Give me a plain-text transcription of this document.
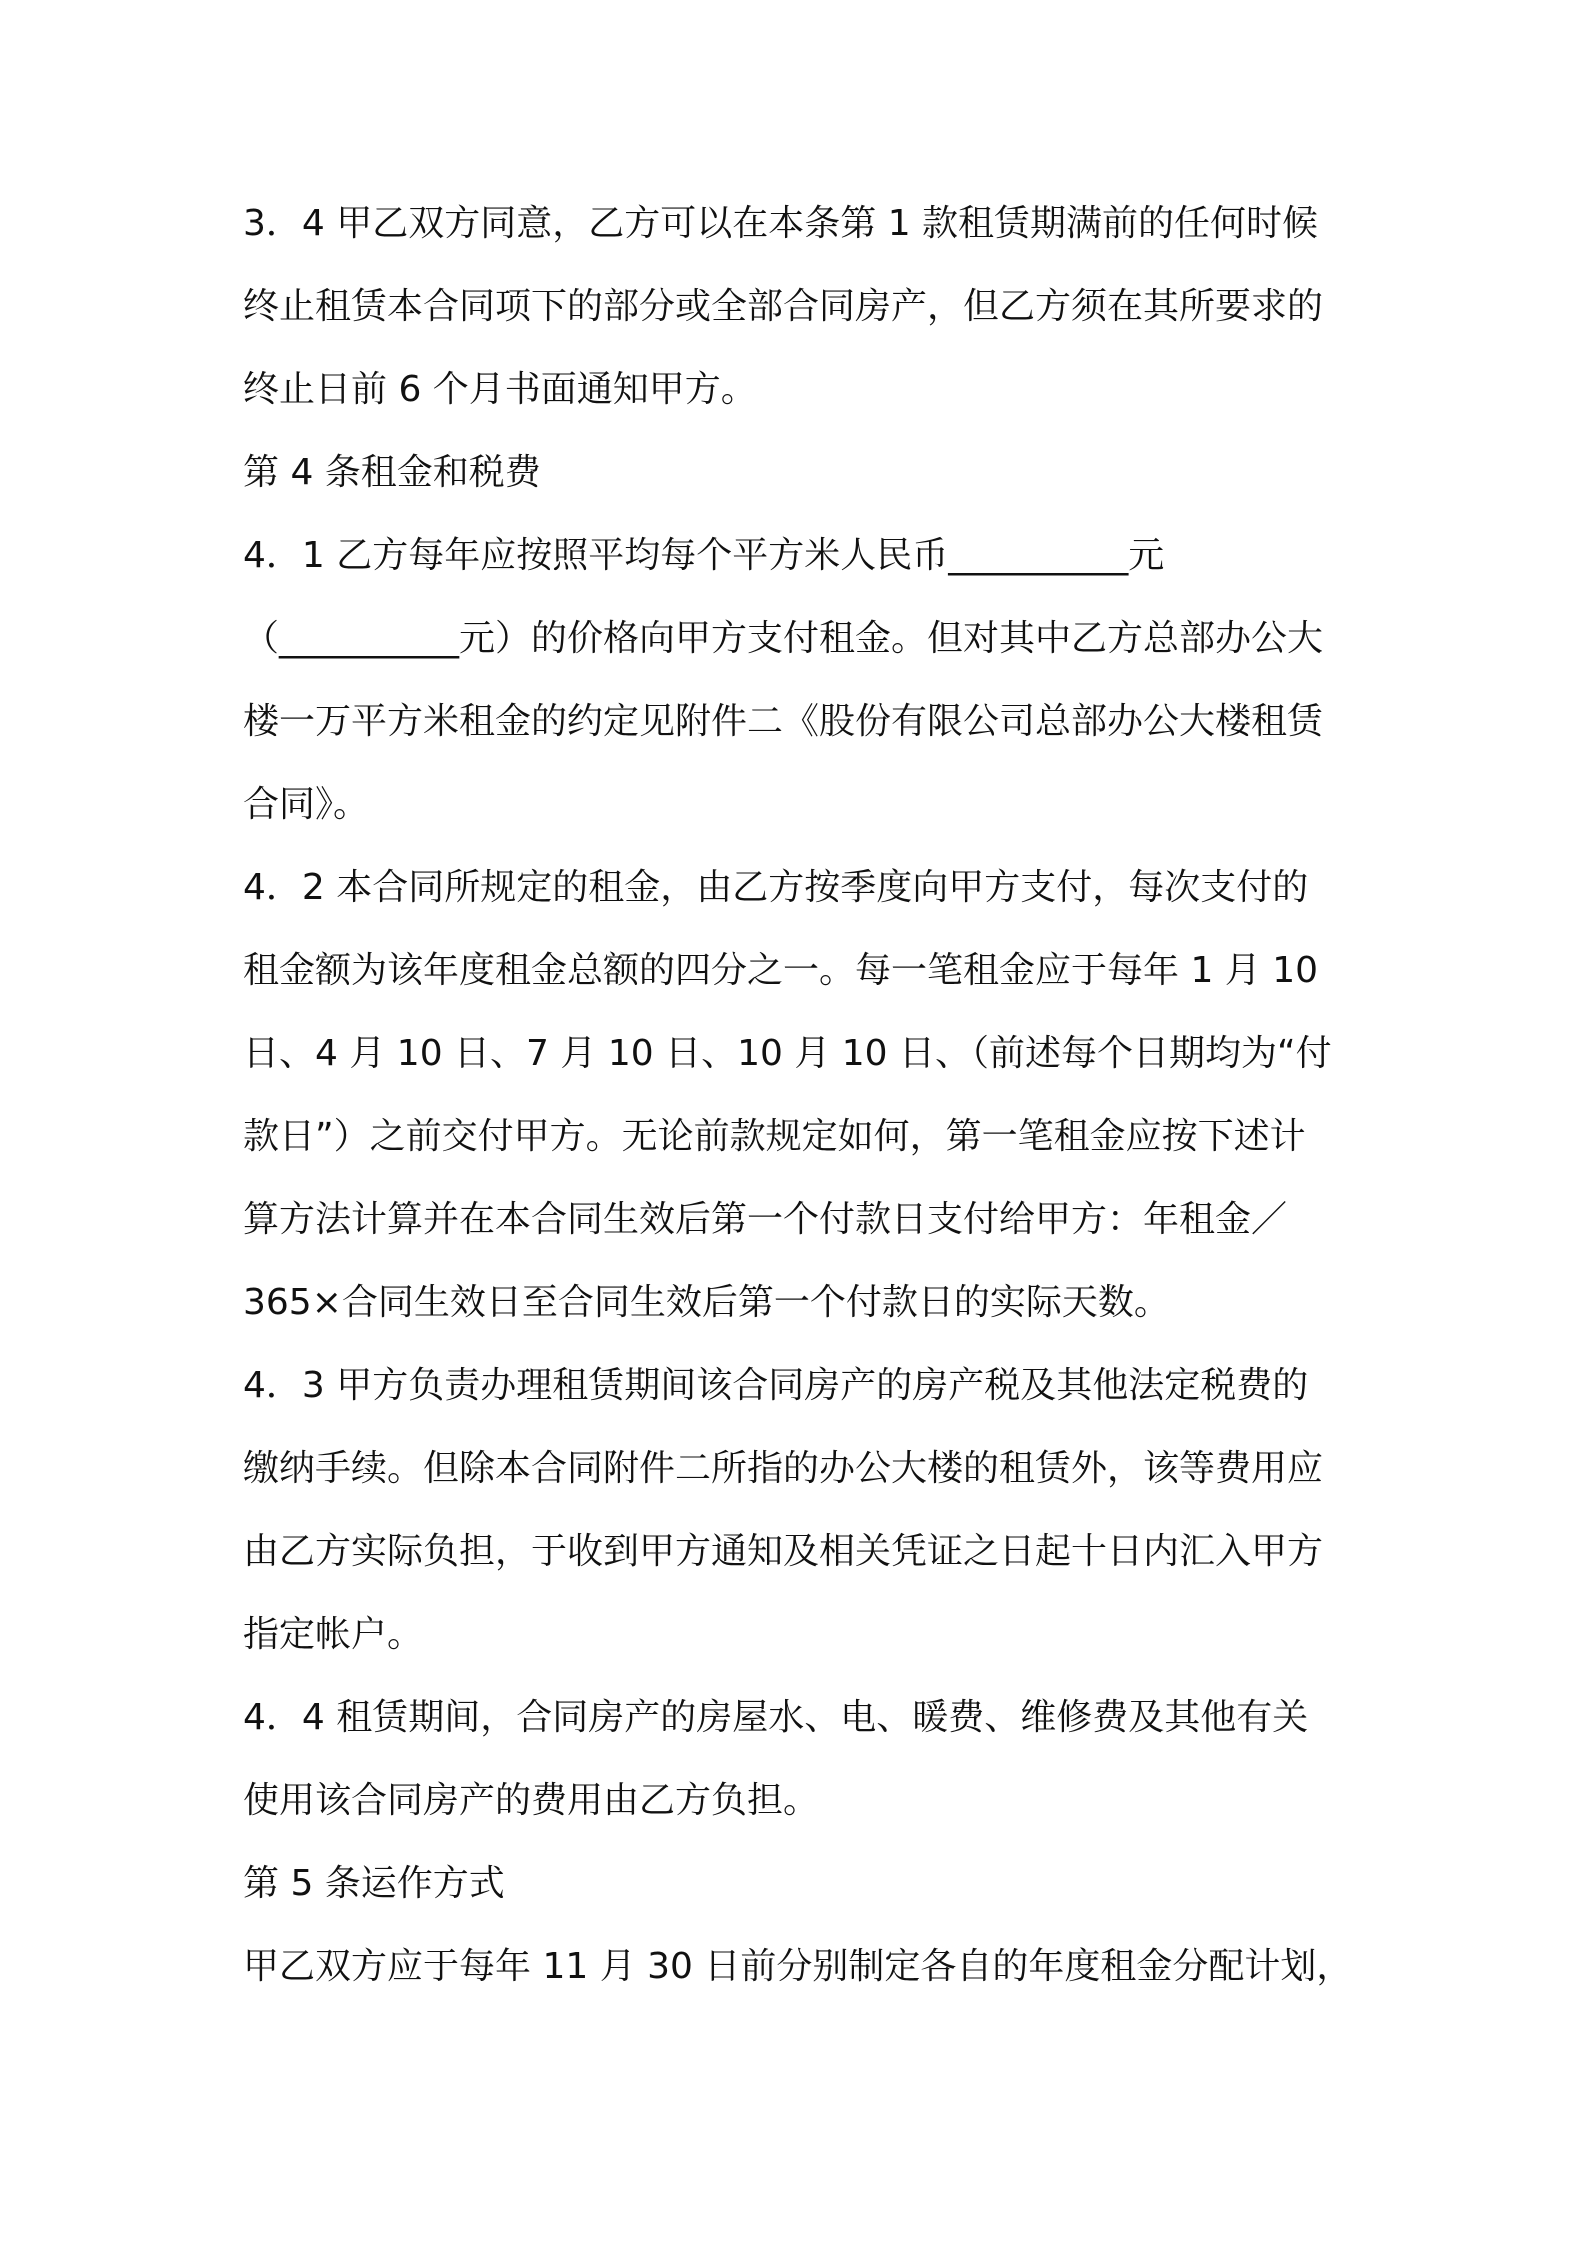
3．4 甲乙双方同意，乙方可以在本条第 1 款租赁期满前的任何时候
终止租赁本合同项下的部分或全部合同房产，但乙方须在其所要求的
终止日前 6 个月书面通知甲方。
第 4 条租金和税费
4．1 乙方每年应按照平均每个平方米人民币__________元
（__________元）的价格向甲方支付租金。但对其中乙方总部办公大
楼一万平方米租金的约定见附件二《股份有限公司总部办公大楼租赁
合同》。
4．2 本合同所规定的租金，由乙方按季度向甲方支付，每次支付的
租金额为该年度租金总额的四分之一。每一笔租金应于每年 1 月 10
日、4 月 10 日、7 月 10 日、10 月 10 日、（前述每个日期均为“付
款日”）之前交付甲方。无论前款规定如何，第一笔租金应按下述计
算方法计算并在本合同生效后第一个付款日支付给甲方：年租金／
365×合同生效日至合同生效后第一个付款日的实际天数。
4．3 甲方负责办理租赁期间该合同房产的房产税及其他法定税费的
缴纳手续。但除本合同附件二所指的办公大楼的租赁外，该等费用应
由乙方实际负担，于收到甲方通知及相关凭证之日起十日内汇入甲方
指定帐户。
4．4 租赁期间，合同房产的房屋水、电、暖费、维修费及其他有关
使用该合同房产的费用由乙方负担。
第 5 条运作方式
甲乙双方应于每年 11 月 30 日前分别制定各自的年度租金分配计划，
